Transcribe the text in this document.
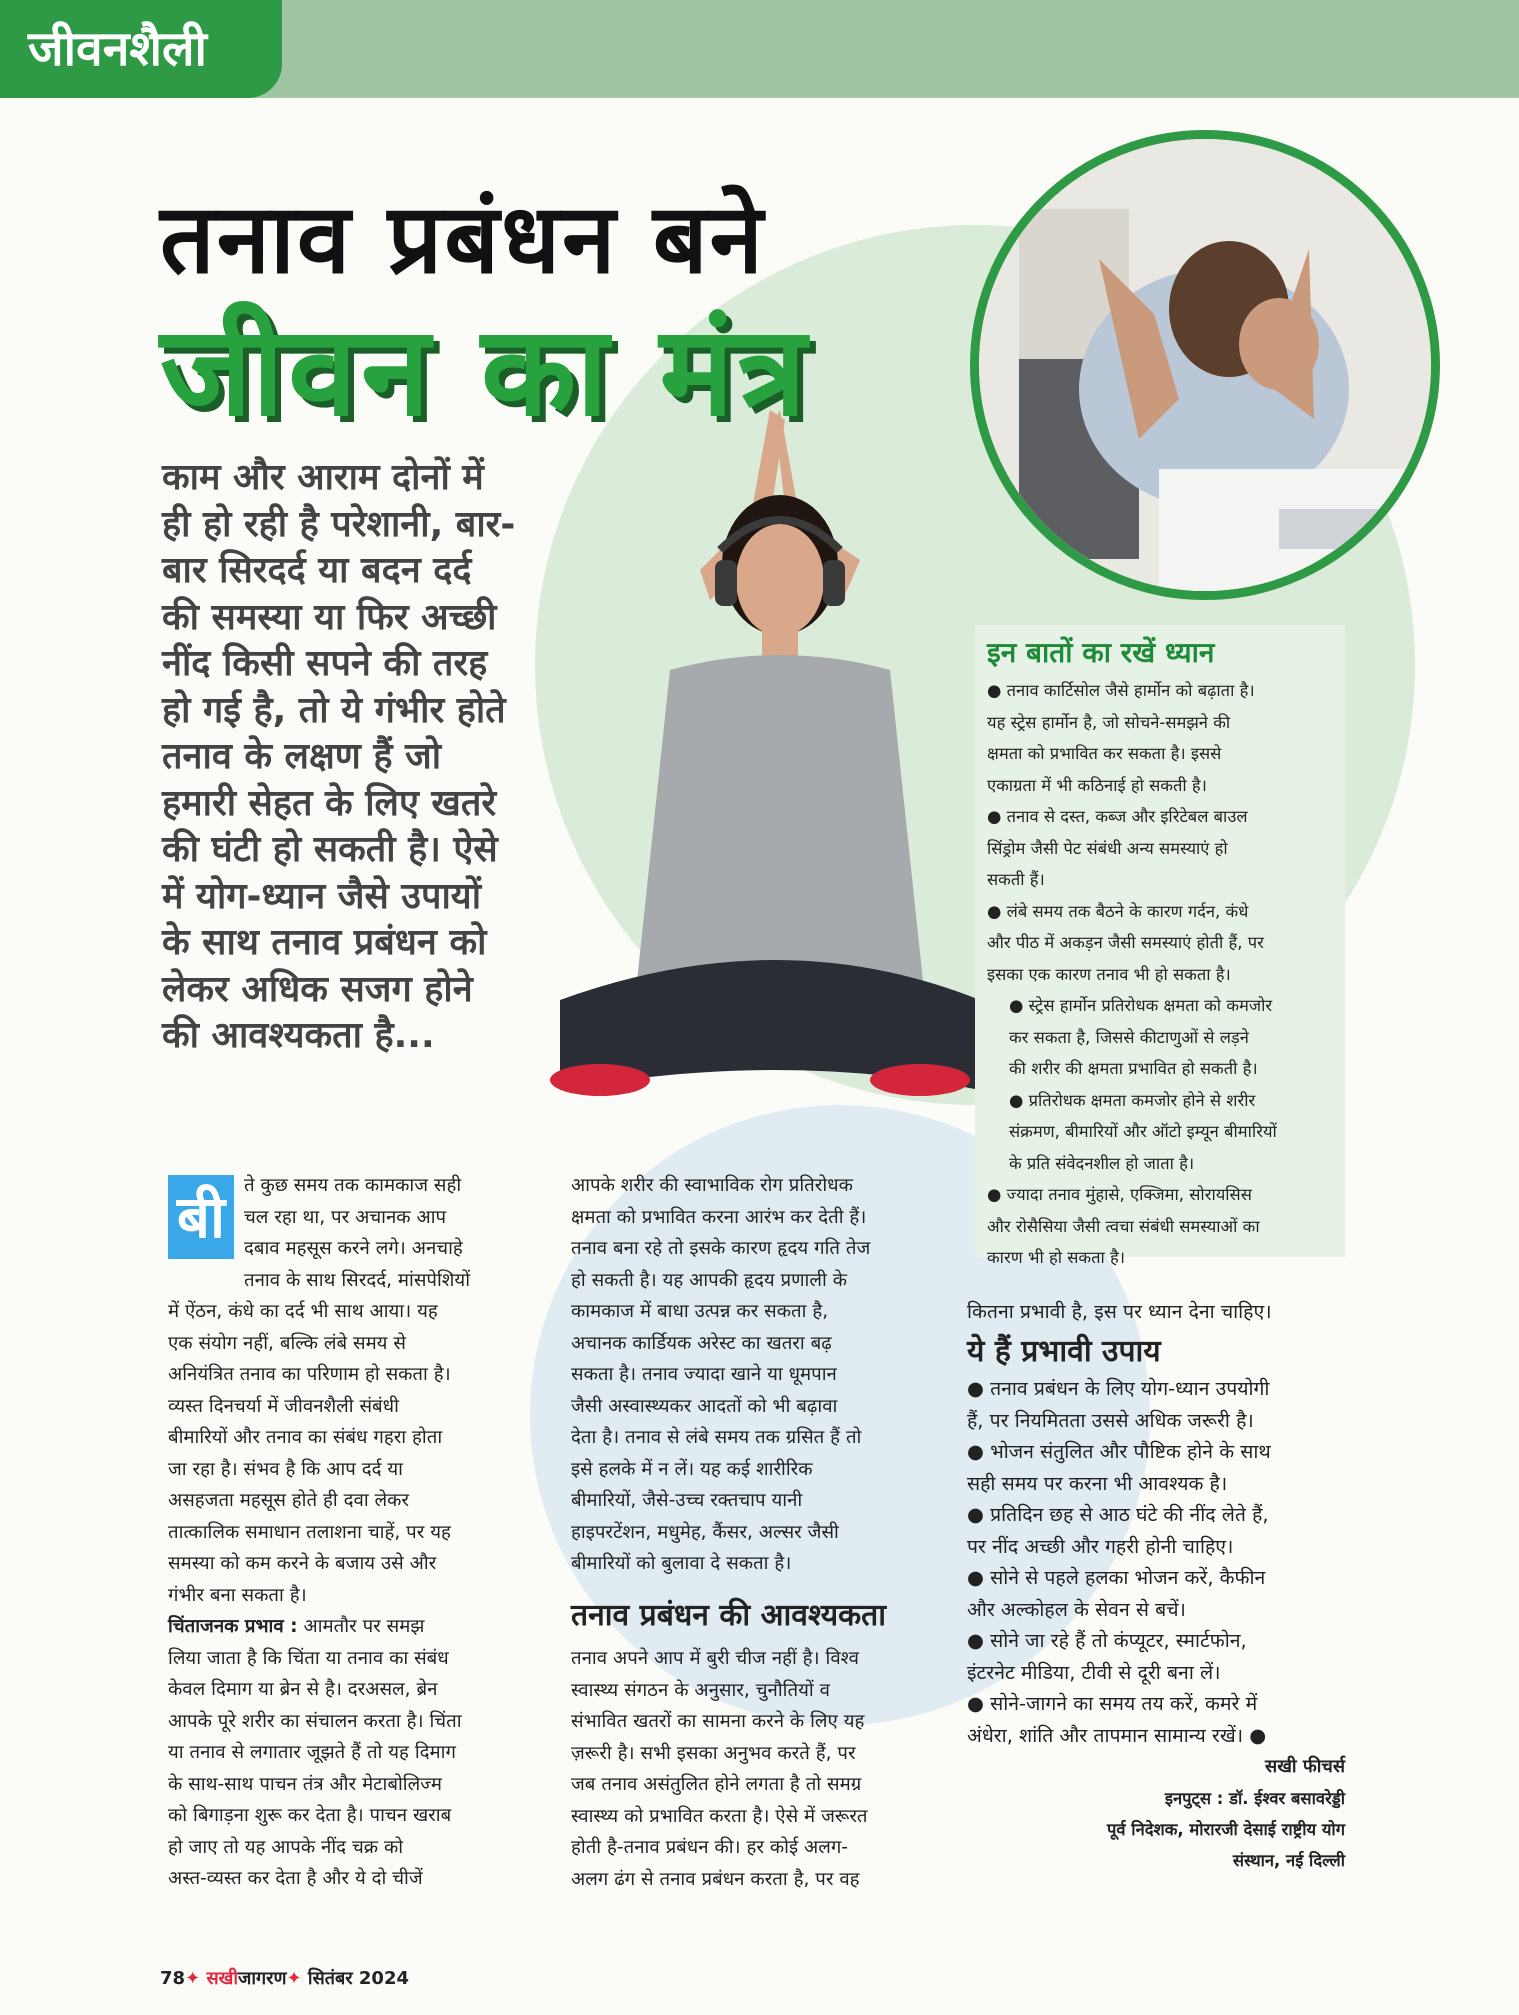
जीवनशैली
तनाव प्रबंधन बने
जीवन का मंत्र
काम और आराम दोनों में
ही हो रही है परेशानी, बार-
बार सिरदर्द या बदन दर्द
की समस्या या फिर अच्छी
नींद किसी सपने की तरह
हो गई है, तो ये गंभीर होते
तनाव के लक्षण हैं जो
हमारी सेहत के लिए खतरे
की घंटी हो सकती है। ऐसे
में योग-ध्यान जैसे उपायों
के साथ तनाव प्रबंधन को
लेकर अधिक सजग होने
की आवश्यकता है...
इन बातों का रखें ध्यान
● तनाव कार्टिसोल जैसे हार्मोन को बढ़ाता है।
यह स्ट्रेस हार्मोन है, जो सोचने-समझने की
क्षमता को प्रभावित कर सकता है। इससे
एकाग्रता में भी कठिनाई हो सकती है।
● तनाव से दस्त, कब्ज और इरिटेबल बाउल
सिंड्रोम जैसी पेट संबंधी अन्य समस्याएं हो
सकती हैं।
● लंबे समय तक बैठने के कारण गर्दन, कंधे
और पीठ में अकड़न जैसी समस्याएं होती हैं, पर
इसका एक कारण तनाव भी हो सकता है।
● स्ट्रेस हार्मोन प्रतिरोधक क्षमता को कमजोर
कर सकता है, जिससे कीटाणुओं से लड़ने
की शरीर की क्षमता प्रभावित हो सकती है।
● प्रतिरोधक क्षमता कमजोर होने से शरीर
संक्रमण, बीमारियों और ऑटो इम्यून बीमारियों
के प्रति संवेदनशील हो जाता है।
● ज्यादा तनाव मुंहासे, एक्जिमा, सोरायसिस
और रोसैसिया जैसी त्वचा संबंधी समस्याओं का
कारण भी हो सकता है।
बी	ते कुछ समय तक कामकाज सही
चल रहा था, पर अचानक आप
दबाव महसूस करने लगे। अनचाहे
तनाव के साथ सिरदर्द, मांसपेशियों
में ऐंठन, कंधे का दर्द भी साथ आया। यह
एक संयोग नहीं, बल्कि लंबे समय से
अनियंत्रित तनाव का परिणाम हो सकता है।
व्यस्त दिनचर्या में जीवनशैली संबंधी
बीमारियों और तनाव का संबंध गहरा होता
जा रहा है। संभव है कि आप दर्द या
असहजता महसूस होते ही दवा लेकर
तात्कालिक समाधान तलाशना चाहें, पर यह
समस्या को कम करने के बजाय उसे और
गंभीर बना सकता है।
चिंताजनक प्रभाव : आमतौर पर समझ
लिया जाता है कि चिंता या तनाव का संबंध
केवल दिमाग या ब्रेन से है। दरअसल, ब्रेन
आपके पूरे शरीर का संचालन करता है। चिंता
या तनाव से लगातार जूझते हैं तो यह दिमाग
के साथ-साथ पाचन तंत्र और मेटाबोलिज्म
को बिगाड़ना शुरू कर देता है। पाचन खराब
हो जाए तो यह आपके नींद चक्र को
अस्त-व्यस्त कर देता है और ये दो चीजें
आपके शरीर की स्वाभाविक रोग प्रतिरोधक
क्षमता को प्रभावित करना आरंभ कर देती हैं।
तनाव बना रहे तो इसके कारण हृदय गति तेज
हो सकती है। यह आपकी हृदय प्रणाली के
कामकाज में बाधा उत्पन्न कर सकता है,
अचानक कार्डियक अरेस्ट का खतरा बढ़
सकता है। तनाव ज्यादा खाने या धूमपान
जैसी अस्वास्थ्यकर आदतों को भी बढ़ावा
देता है। तनाव से लंबे समय तक ग्रसित हैं तो
इसे हलके में न लें। यह कई शारीरिक
बीमारियों, जैसे-उच्च रक्तचाप यानी
हाइपरटेंशन, मधुमेह, कैंसर, अल्सर जैसी
बीमारियों को बुलावा दे सकता है।
तनाव प्रबंधन की आवश्यकता
तनाव अपने आप में बुरी चीज नहीं है। विश्व
स्वास्थ्य संगठन के अनुसार, चुनौतियों व
संभावित खतरों का सामना करने के लिए यह
ज़रूरी है। सभी इसका अनुभव करते हैं, पर
जब तनाव असंतुलित होने लगता है तो समग्र
स्वास्थ्य को प्रभावित करता है। ऐसे में जरूरत
होती है-तनाव प्रबंधन की। हर कोई अलग-
अलग ढंग से तनाव प्रबंधन करता है, पर वह
कितना प्रभावी है, इस पर ध्यान देना चाहिए।
ये हैं प्रभावी उपाय
● तनाव प्रबंधन के लिए योग-ध्यान उपयोगी
हैं, पर नियमितता उससे अधिक जरूरी है।
● भोजन संतुलित और पौष्टिक होने के साथ
सही समय पर करना भी आवश्यक है।
● प्रतिदिन छह से आठ घंटे की नींद लेते हैं,
पर नींद अच्छी और गहरी होनी चाहिए।
● सोने से पहले हलका भोजन करें, कैफीन
और अल्कोहल के सेवन से बचें।
● सोने जा रहे हैं तो कंप्यूटर, स्मार्टफोन,
इंटरनेट मीडिया, टीवी से दूरी बना लें।
● सोने-जागने का समय तय करें, कमरे में
अंधेरा, शांति और तापमान सामान्य रखें। ●
सखी फीचर्स
इनपुट्स : डॉ. ईश्वर बसावरेड्डी
पूर्व निदेशक, मोरारजी देसाई राष्ट्रीय योग
संस्थान, नई दिल्ली
78✦ सखीजागरण✦ सितंबर 2024
